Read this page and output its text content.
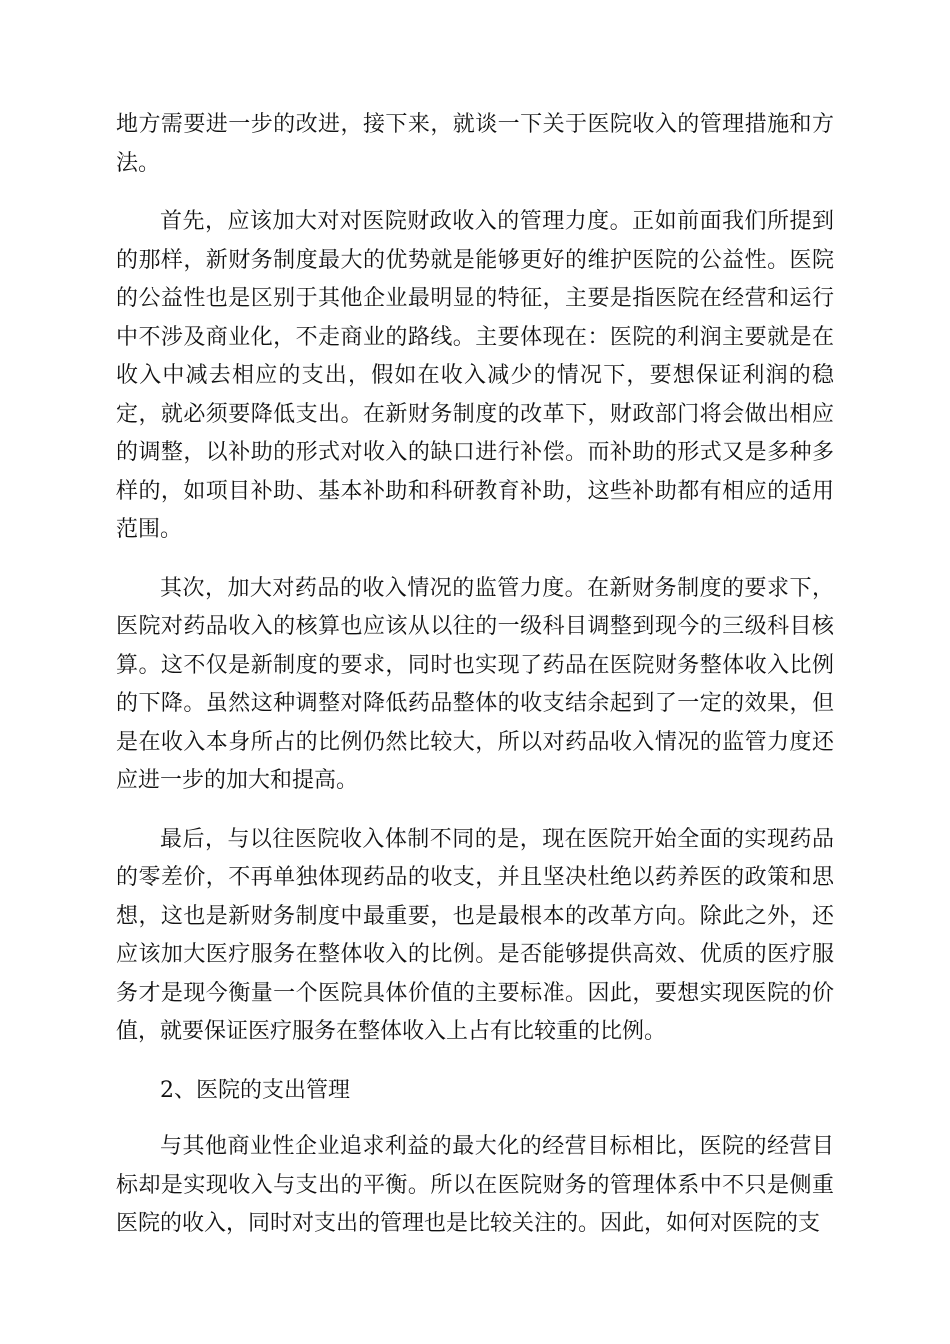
地方需要进一步的改进，接下来，就谈一下关于医院收入的管理措施和方法。

首先，应该加大对对医院财政收入的管理力度。正如前面我们所提到的那样，新财务制度最大的优势就是能够更好的维护医院的公益性。医院的公益性也是区别于其他企业最明显的特征，主要是指医院在经营和运行中不涉及商业化，不走商业的路线。主要体现在：医院的利润主要就是在收入中减去相应的支出，假如在收入减少的情况下，要想保证利润的稳定，就必须要降低支出。在新财务制度的改革下，财政部门将会做出相应的调整，以补助的形式对收入的缺口进行补偿。而补助的形式又是多种多样的，如项目补助、基本补助和科研教育补助，这些补助都有相应的适用范围。

其次，加大对药品的收入情况的监管力度。在新财务制度的要求下，医院对药品收入的核算也应该从以往的一级科目调整到现今的三级科目核算。这不仅是新制度的要求，同时也实现了药品在医院财务整体收入比例的下降。虽然这种调整对降低药品整体的收支结余起到了一定的效果，但是在收入本身所占的比例仍然比较大，所以对药品收入情况的监管力度还应进一步的加大和提高。

最后，与以往医院收入体制不同的是，现在医院开始全面的实现药品的零差价，不再单独体现药品的收支，并且坚决杜绝以药养医的政策和思想，这也是新财务制度中最重要，也是最根本的改革方向。除此之外，还应该加大医疗服务在整体收入的比例。是否能够提供高效、优质的医疗服务才是现今衡量一个医院具体价值的主要标准。因此，要想实现医院的价值，就要保证医疗服务在整体收入上占有比较重的比例。

2、医院的支出管理

与其他商业性企业追求利益的最大化的经营目标相比，医院的经营目标却是实现收入与支出的平衡。所以在医院财务的管理体系中不只是侧重医院的收入，同时对支出的管理也是比较关注的。因此，如何对医院的支
